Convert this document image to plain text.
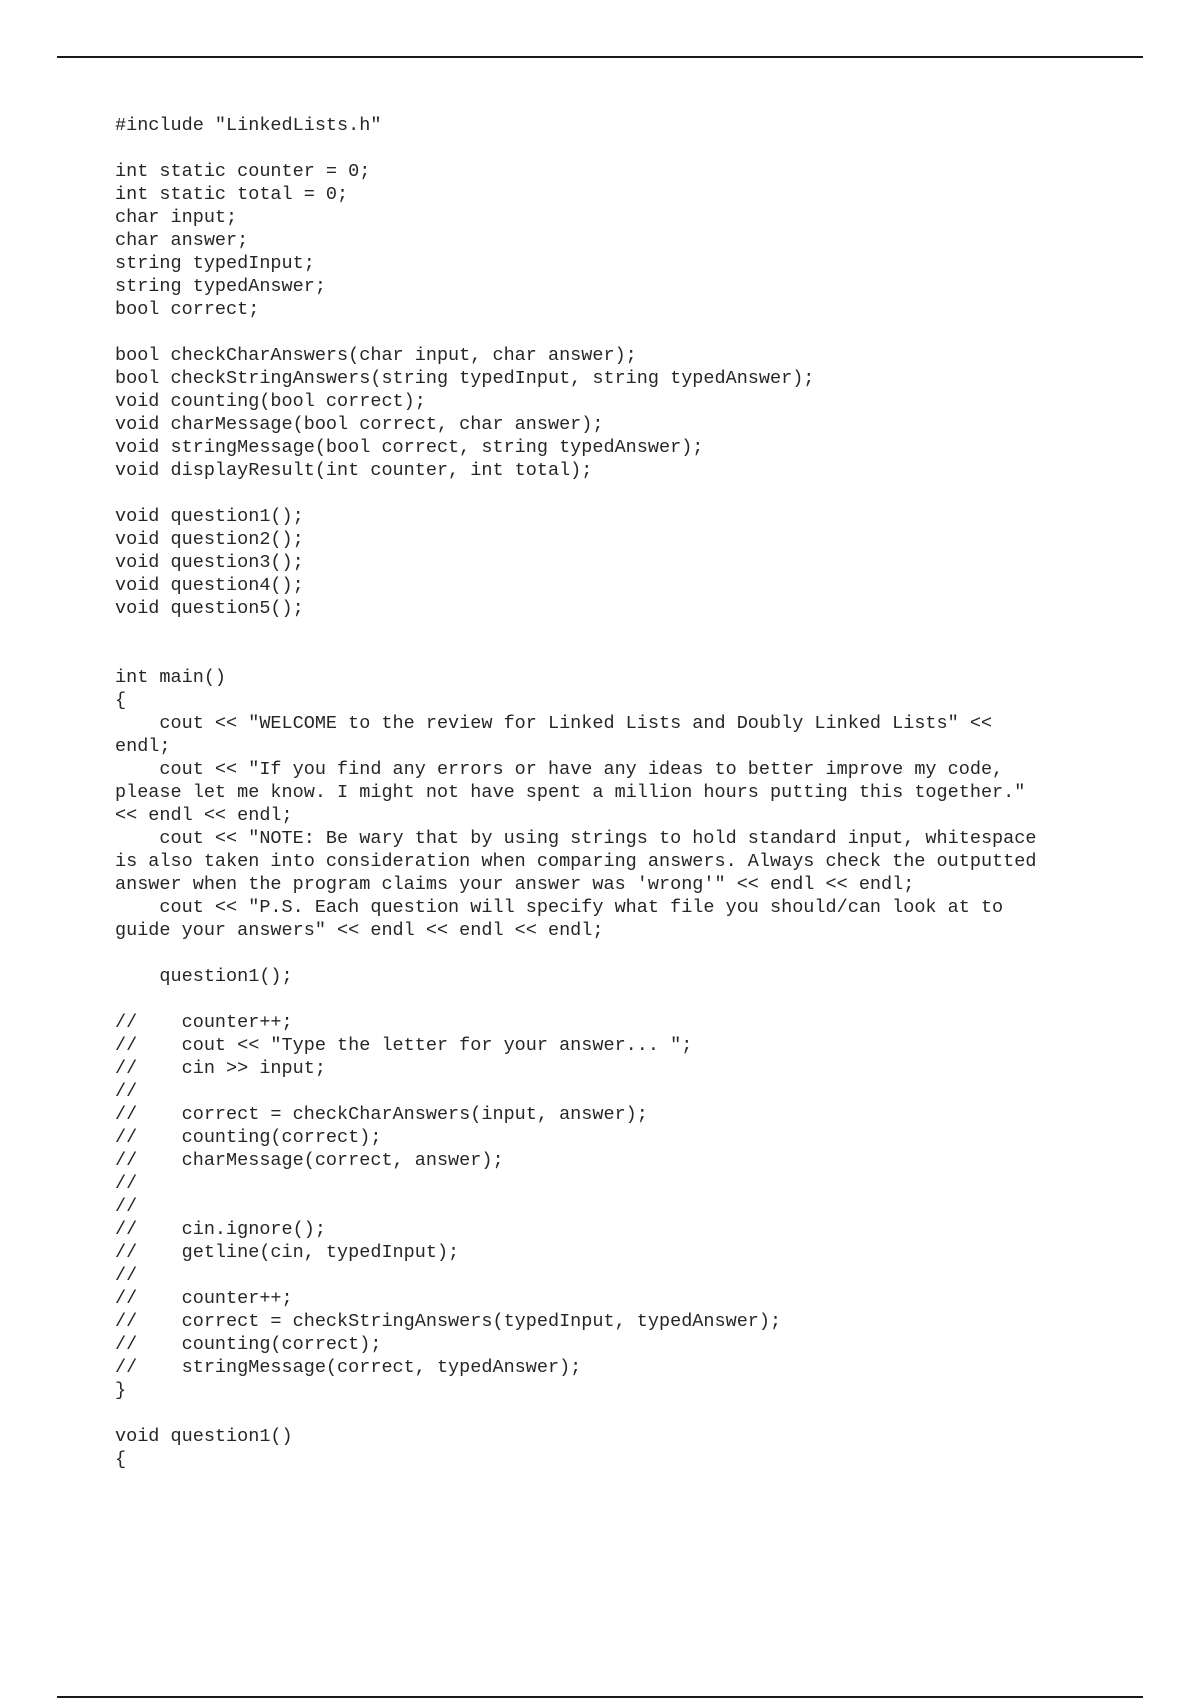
#include "LinkedLists.h"
int static counter = 0;
int static total = 0;
char input;
char answer;
string typedInput;
string typedAnswer;
bool correct;
bool checkCharAnswers(char input, char answer);
bool checkStringAnswers(string typedInput, string typedAnswer);
void counting(bool correct);
void charMessage(bool correct, char answer);
void stringMessage(bool correct, string typedAnswer);
void displayResult(int counter, int total);
void question1();
void question2();
void question3();
void question4();
void question5();
int main()
{
cout << "WELCOME to the review for Linked Lists and Doubly Linked Lists" <<
endl;
cout << "If you find any errors or have any ideas to better improve my code,
please let me know. I might not have spent a million hours putting this together."
<< endl << endl;
cout << "NOTE: Be wary that by using strings to hold standard input, whitespace
is also taken into consideration when comparing answers. Always check the outputted
answer when the program claims your answer was 'wrong'" << endl << endl;
cout << "P.S. Each question will specify what file you should/can look at to
guide your answers" << endl << endl << endl;
question1();
//    counter++;
//    cout << "Type the letter for your answer... ";
//    cin >> input;
//
//    correct = checkCharAnswers(input, answer);
//    counting(correct);
//    charMessage(correct, answer);
//
//
//    cin.ignore();
//    getline(cin, typedInput);
//
//    counter++;
//    correct = checkStringAnswers(typedInput, typedAnswer);
//    counting(correct);
//    stringMessage(correct, typedAnswer);
}
void question1()
{
